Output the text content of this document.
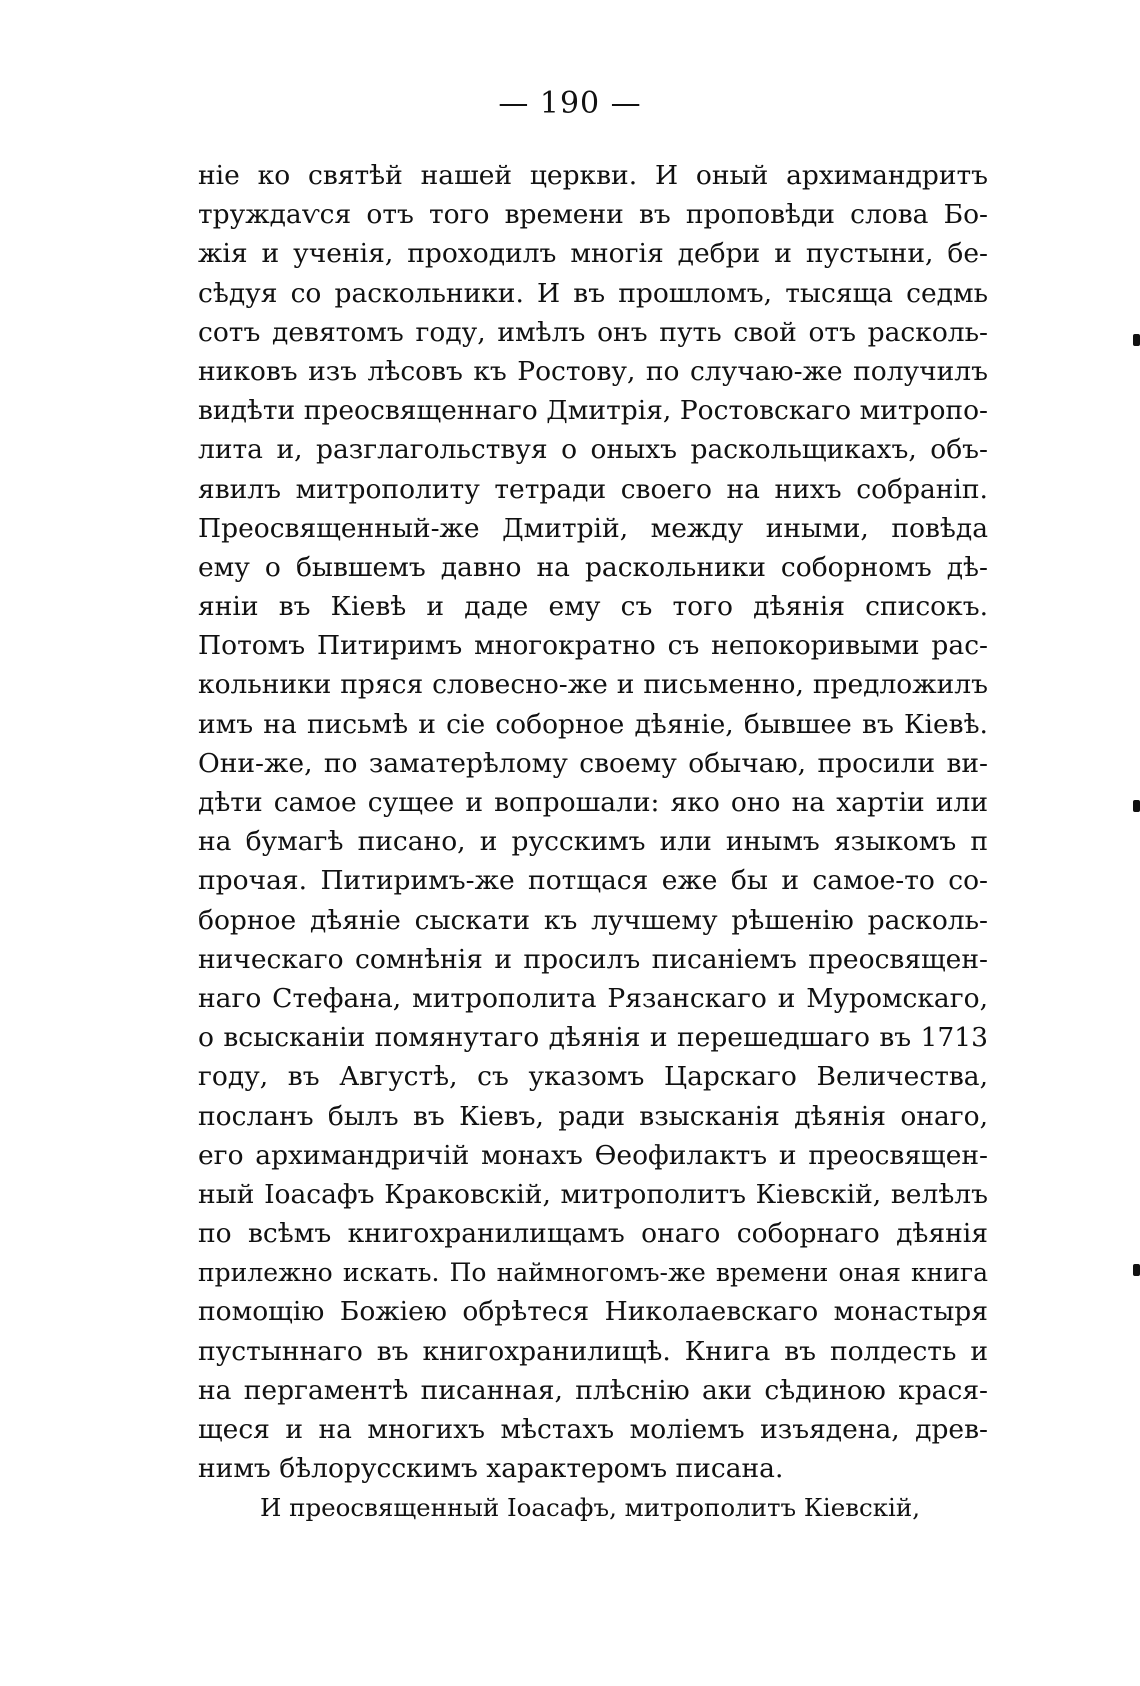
— 190 —
ніе ко святѣй нашей церкви. И оный архимандритъ
труждаѵся отъ того времени въ проповѣди слова Бо-
жія и ученія, проходилъ многія дебри и пустыни, бе-
сѣдуя со раскольники. И въ прошломъ, тысяща седмь
сотъ девятомъ году, имѣлъ онъ путь свой отъ расколь-
никовъ изъ лѣсовъ къ Ростову, по случаю-же получилъ
видѣти преосвященнаго Дмитрія, Ростовскаго митропо-
лита и, разглагольствуя о оныхъ раскольщикахъ, объ-
явилъ митрополиту тетради своего на нихъ собраніп.
Преосвященный-же Дмитрій, между иными, повѣда
ему о бывшемъ давно на раскольники соборномъ дѣ-
яніи въ Кіевѣ и даде ему съ того дѣянія списокъ.
Потомъ Питиримъ многократно съ непокоривыми рас-
кольники пряся словесно-же и письменно, предложилъ
имъ на письмѣ и сіе соборное дѣяніе, бывшее въ Кіевѣ.
Они-же, по заматерѣлому своему обычаю, просили ви-
дѣти самое сущее и вопрошали: яко оно на хартіи или
на бумагѣ писано, и русскимъ или инымъ языкомъ п
прочая. Питиримъ-же потщася еже бы и самое-то со-
борное дѣяніе сыскати къ лучшему рѣшенію расколь-
ническаго сомнѣнія и просилъ писаніемъ преосвящен-
наго Стефана, митрополита Рязанскаго и Муромскаго,
о всысканіи помянутаго дѣянія и перешедшаго въ 1713
году, въ Августѣ, съ указомъ Царскаго Величества,
посланъ былъ въ Кіевъ, ради взысканія дѣянія онаго,
его архимандричій монахъ Ѳеофилактъ и преосвящен-
ный Іоасафъ Краковскій, митрополитъ Кіевскій, велѣлъ
по всѣмъ книгохранилищамъ онаго соборнаго дѣянія
прилежно искать. По наймногомъ-же времени оная книга
помощію Божіею обрѣтеся Николаевскаго монастыря
пустыннаго въ книгохранилищѣ. Книга въ полдесть и
на пергаментѣ писанная, плѣснію аки сѣдиною крася-
щеся и на многихъ мѣстахъ моліемъ изъядена, древ-
нимъ бѣлорусскимъ характеромъ писана.
И преосвященный Іоасафъ, митрополитъ Кіевскій,
